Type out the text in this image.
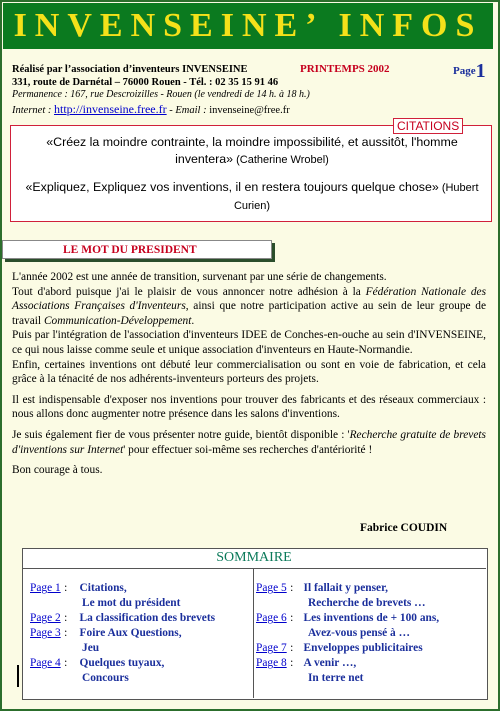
INVENSEINE’ INFOS
Réalisé par l’association d’inventeurs INVENSEINE	PRINTEMPS 2002	Page1
331, route de Darnétal – 76000 Rouen - Tél. : 02 35 15 91 46
Permanence : 167, rue Descroizilles - Rouen (le vendredi de 14 h. à 18 h.)
Internet : http://invenseine.free.fr - Email : invenseine@free.fr
«Créez la moindre contrainte, la moindre impossibilité, et aussitôt, l'homme inventera» (Catherine Wrobel)
«Expliquez, Expliquez vos inventions, il en restera toujours quelque chose» (Hubert Curien)
CITATIONS
LE MOT DU PRESIDENT
L'année 2002 est une année de transition, survenant par une série de changements.
Tout d'abord puisque j'ai le plaisir de vous annoncer notre adhésion à la Fédération Nationale des Associations Françaises d'Inventeurs, ainsi que notre participation active au sein de leur groupe de travail Communication-Développement.
Puis par l'intégration de l'association d'inventeurs IDEE de Conches-en-ouche au sein d'INVENSEINE, ce qui nous laisse comme seule et unique association d'inventeurs en Haute-Normandie.
Enfin, certaines inventions ont débuté leur commercialisation ou sont en voie de fabrication, et cela grâce à la ténacité de nos adhérents-inventeurs porteurs des projets.
Il est indispensable d'exposer nos inventions pour trouver des fabricants et des réseaux commerciaux : nous allons donc augmenter notre présence dans les salons d'inventions.
Je suis également fier de vous présenter notre guide, bientôt disponible : 'Recherche gratuite de brevets d'inventions sur Internet' pour effectuer soi-même ses recherches d'antériorité !
Bon courage à tous.
Fabrice COUDIN
SOMMAIRE
Page 1 : Citations,
Le mot du président
Page 2 : La classification des brevets
Page 3 : Foire Aux Questions,
Jeu
Page 4 : Quelques tuyaux,
Concours
Page 5 : Il fallait y penser,
Recherche de brevets …
Page 6 : Les inventions de + 100 ans,
Avez-vous pensé à …
Page 7 : Enveloppes publicitaires
Page 8 : A venir …,
In terre net
